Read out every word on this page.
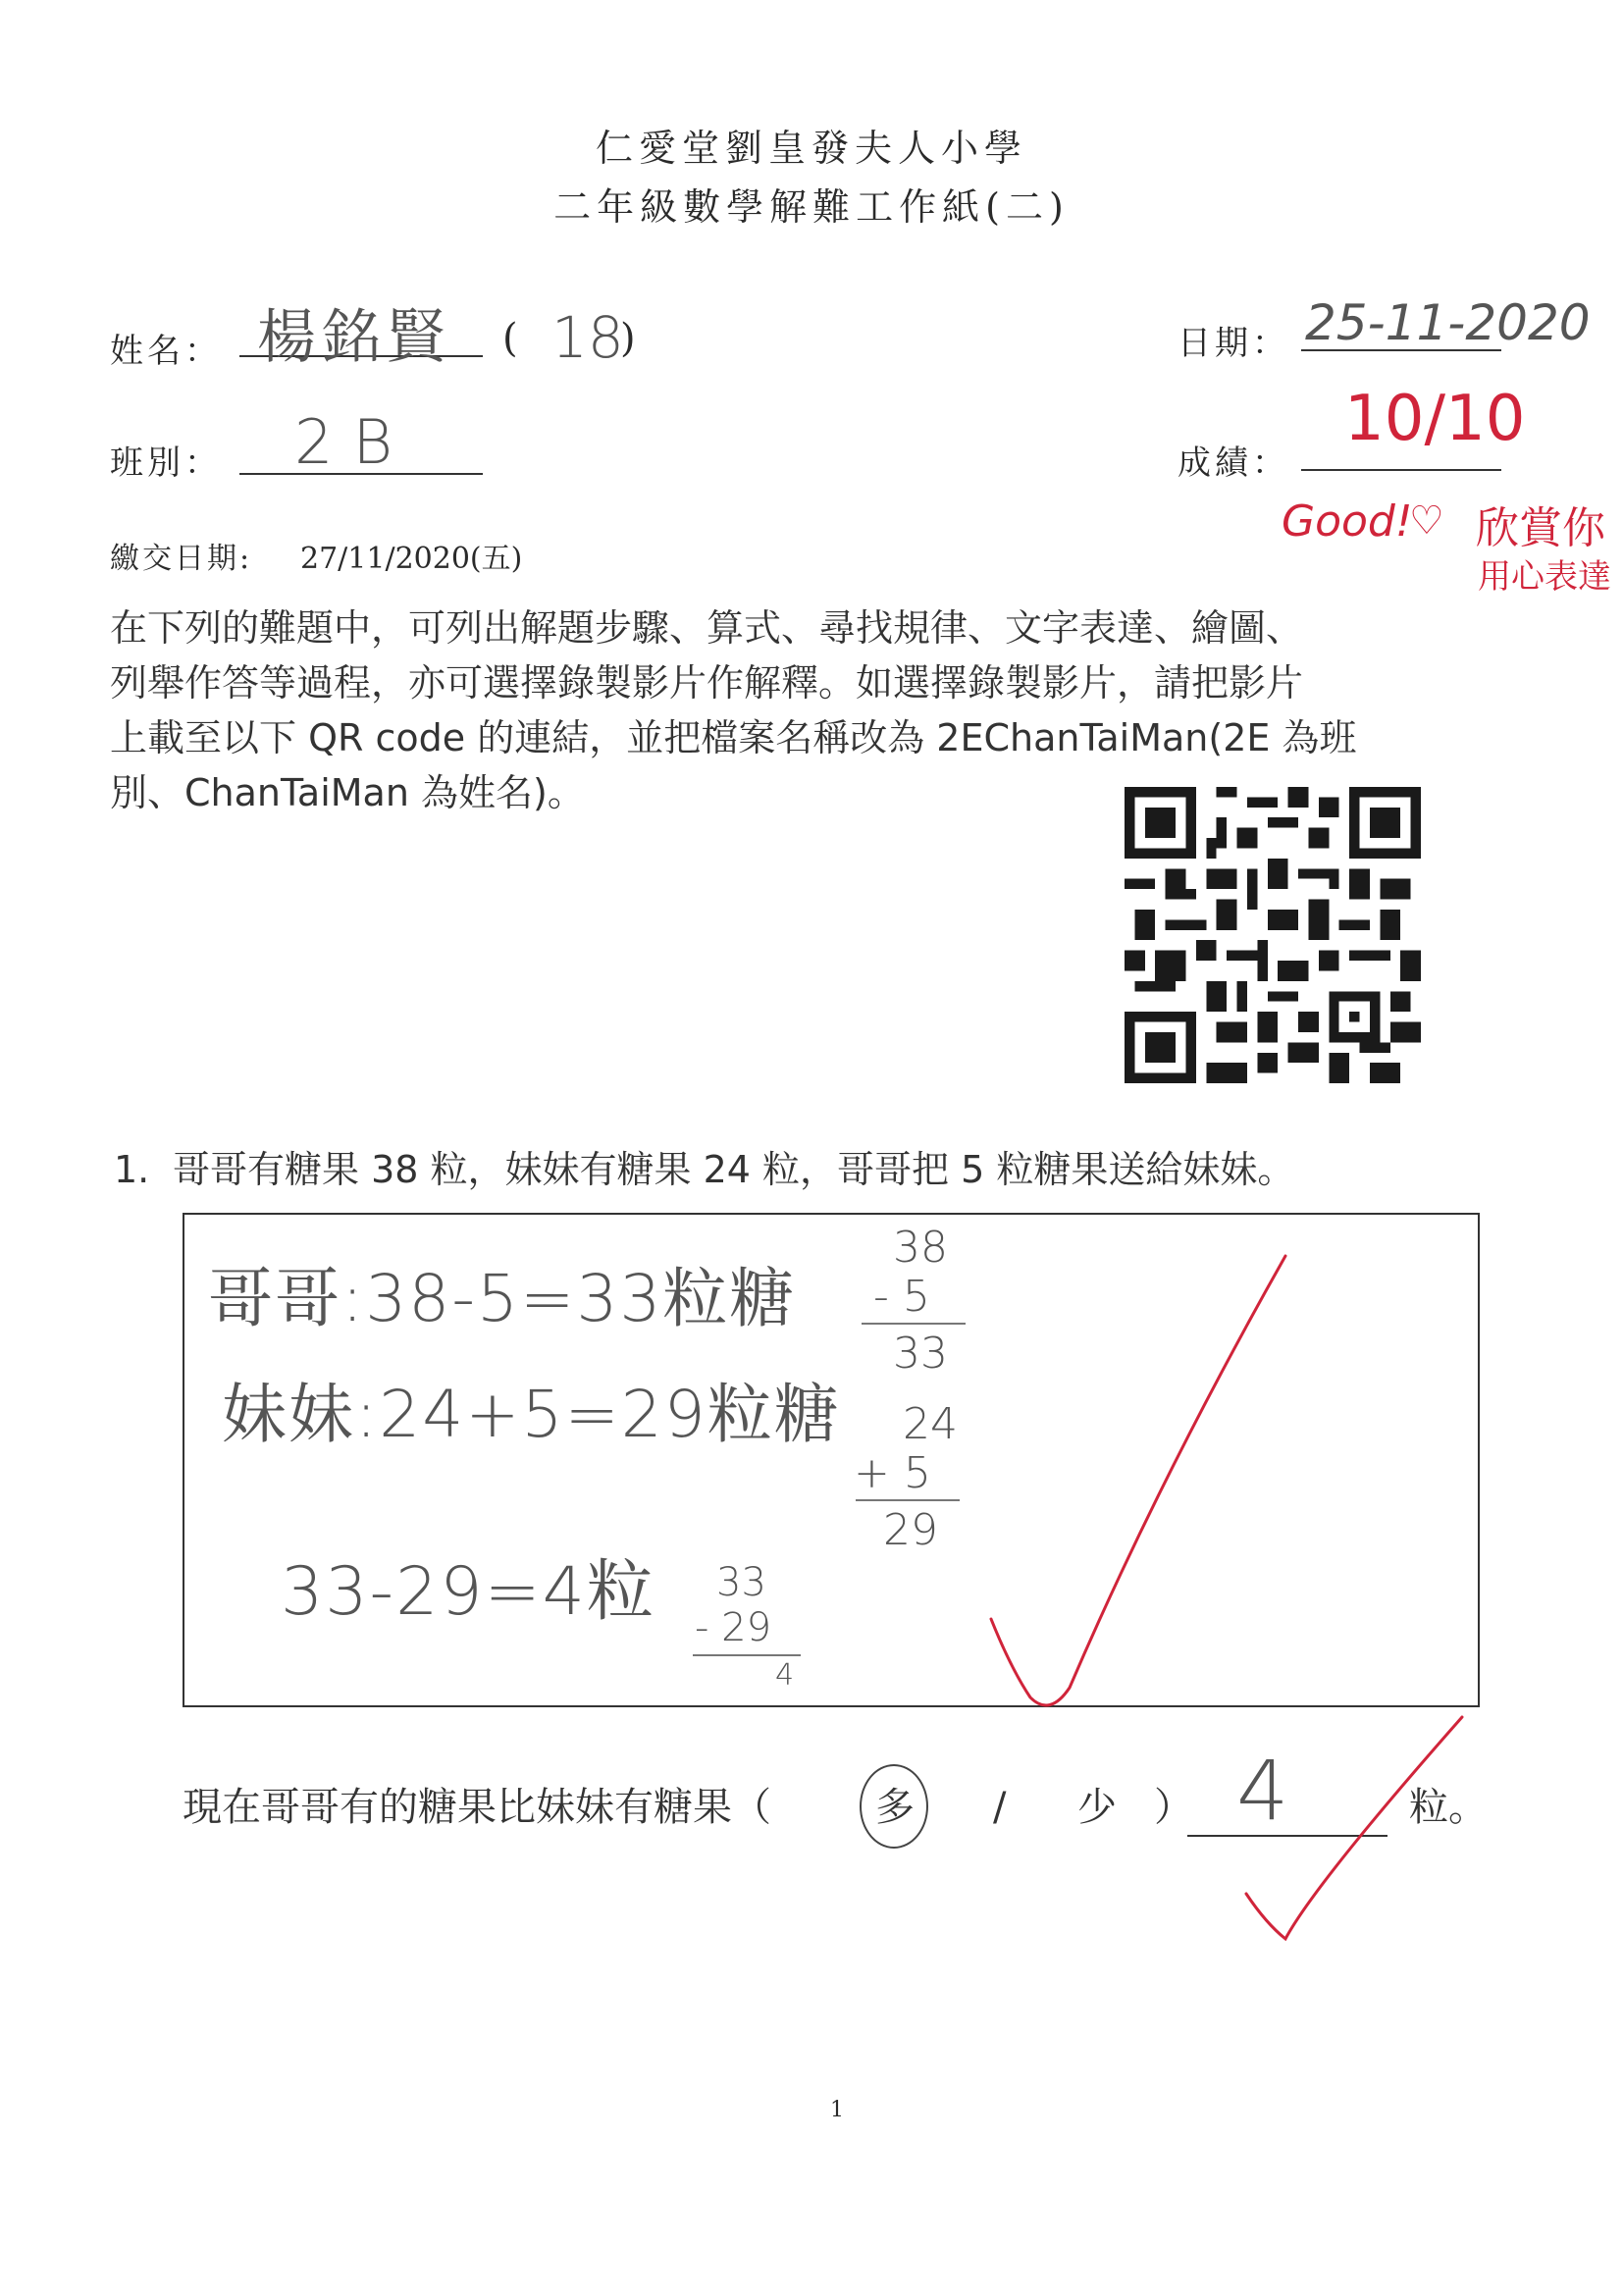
仁愛堂劉皇發夫人小學
二年級數學解難工作紙(二)
姓名： 楊銘賢 ( 18
)	日期： 25-11-2020
班別： 2B	成績：
10/10
Good!
♡ 欣賞你
用心表達
繳交日期: 27/11/2020(五)
在下列的難題中，可列出解題步驟、算式、尋找規律、文字表達、繪圖、
列舉作答等過程，亦可選擇錄製影片作解釋。如選擇錄製影片，請把影片
上載至以下 QR code 的連結，並把檔案名稱改為 2EChanTaiMan(2E 為班
別、ChanTaiMan 為姓名)。
1. 哥哥有糖果 38 粒，妹妹有糖果 24 粒，哥哥把 5 粒糖果送給妹妹。
哥哥:38-5=33粒糖
妹妹:24+5=29粒糖
33-29=4粒
38
- 5
33
24
+ 5
29
33
- 29
4
現在哥哥有的糖果比妹妹有糖果（	多 / 少 ） 4	粒。
1
